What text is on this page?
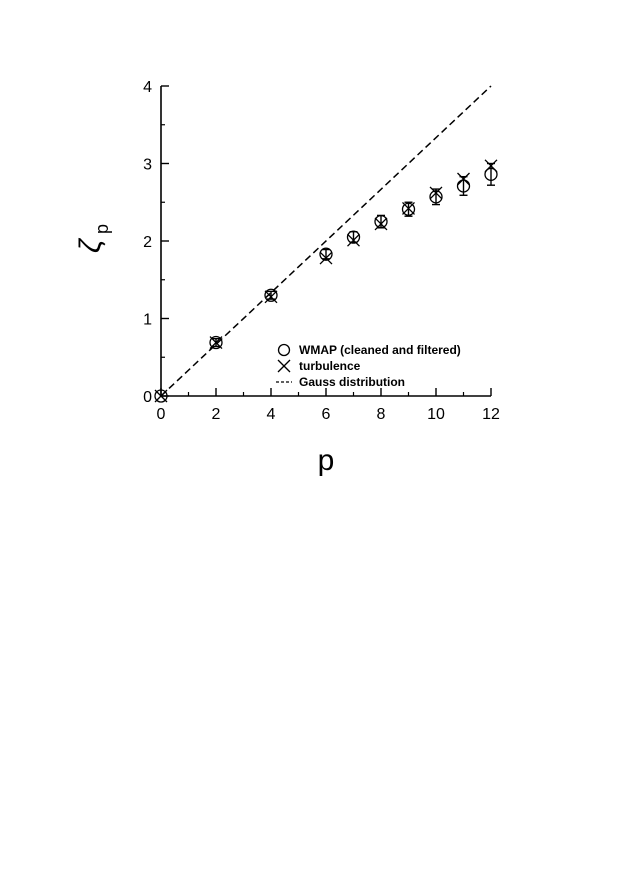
0	2	4	6	8	10 12
0
1
2
3
4
p
ζ
p
WMAP (cleaned and filtered)
turbulence
Gauss distribution
